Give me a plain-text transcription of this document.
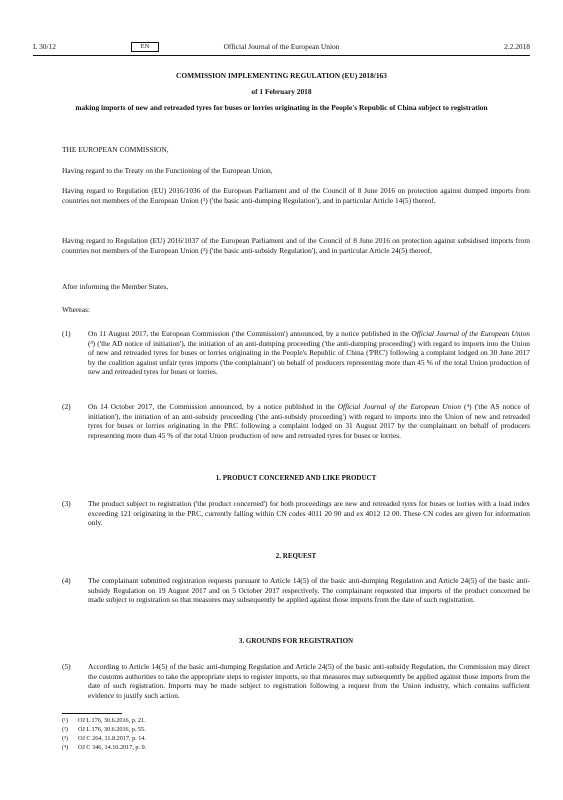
L 30/12	EN	Official Journal of the European Union	2.2.2018
COMMISSION IMPLEMENTING REGULATION (EU) 2018/163
of 1 February 2018
making imports of new and retreaded tyres for buses or lorries originating in the People's Republic of China subject to registration
THE EUROPEAN COMMISSION,
Having regard to the Treaty on the Functioning of the European Union,
Having regard to Regulation (EU) 2016/1036 of the European Parliament and of the Council of 8 June 2016 on protection against dumped imports from countries not members of the European Union (¹) ('the basic anti-dumping Regulation'), and in particular Article 14(5) thereof,
Having regard to Regulation (EU) 2016/1037 of the European Parliament and of the Council of 8 June 2016 on protection against subsidised imports from countries not members of the European Union (²) ('the basic anti-subsidy Regulation'), and in particular Article 24(5) thereof,
After informing the Member States,
Whereas:
(1) On 11 August 2017, the European Commission ('the Commission') announced, by a notice published in the Official Journal of the European Union (³) ('the AD notice of initiation'), the initiation of an anti-dumping proceeding ('the anti-dumping proceeding') with regard to imports into the Union of new and retreaded tyres for buses or lorries originating in the People's Republic of China ('PRC') following a complaint lodged on 30 June 2017 by the coalition against unfair tyres imports ('the complainant') on behalf of producers representing more than 45 % of the total Union production of new and retreaded tyres for buses or lorries.
(2) On 14 October 2017, the Commission announced, by a notice published in the Official Journal of the European Union (⁴) ('the AS notice of initiation'), the initiation of an anti-subsidy proceeding ('the anti-subsidy proceeding') with regard to imports into the Union of new and retreaded tyres for buses or lorries originating in the PRC following a complaint lodged on 31 August 2017 by the complainant on behalf of producers representing more than 45 % of the total Union production of new and retreaded tyres for buses or lorries.
1. PRODUCT CONCERNED AND LIKE PRODUCT
(3) The product subject to registration ('the product concerned') for both proceedings are new and retreaded tyres for buses or lorries with a load index exceeding 121 originating in the PRC, currently falling within CN codes 4011 20 90 and ex 4012 12 00. These CN codes are given for information only.
2. REQUEST
(4) The complainant submitted registration requests pursuant to Article 14(5) of the basic anti-dumping Regulation and Article 24(5) of the basic anti-subsidy Regulation on 19 August 2017 and on 5 October 2017 respectively. The complainant requested that imports of the product concerned be made subject to registration so that measures may subsequently be applied against those imports from the date of such registration.
3. GROUNDS FOR REGISTRATION
(5) According to Article 14(5) of the basic anti-dumping Regulation and Article 24(5) of the basic anti-subsidy Regulation, the Commission may direct the customs authorities to take the appropriate steps to register imports, so that measures may subsequently be applied against those imports from the date of such registration. Imports may be made subject to registration following a request from the Union industry, which contains sufficient evidence to justify such action.
(¹) OJ L 176, 30.6.2016, p. 21.
(²) OJ L 176, 30.6.2016, p. 55.
(³) OJ C 264, 11.8.2017, p. 14.
(⁴) OJ C 346, 14.10.2017, p. 9.
